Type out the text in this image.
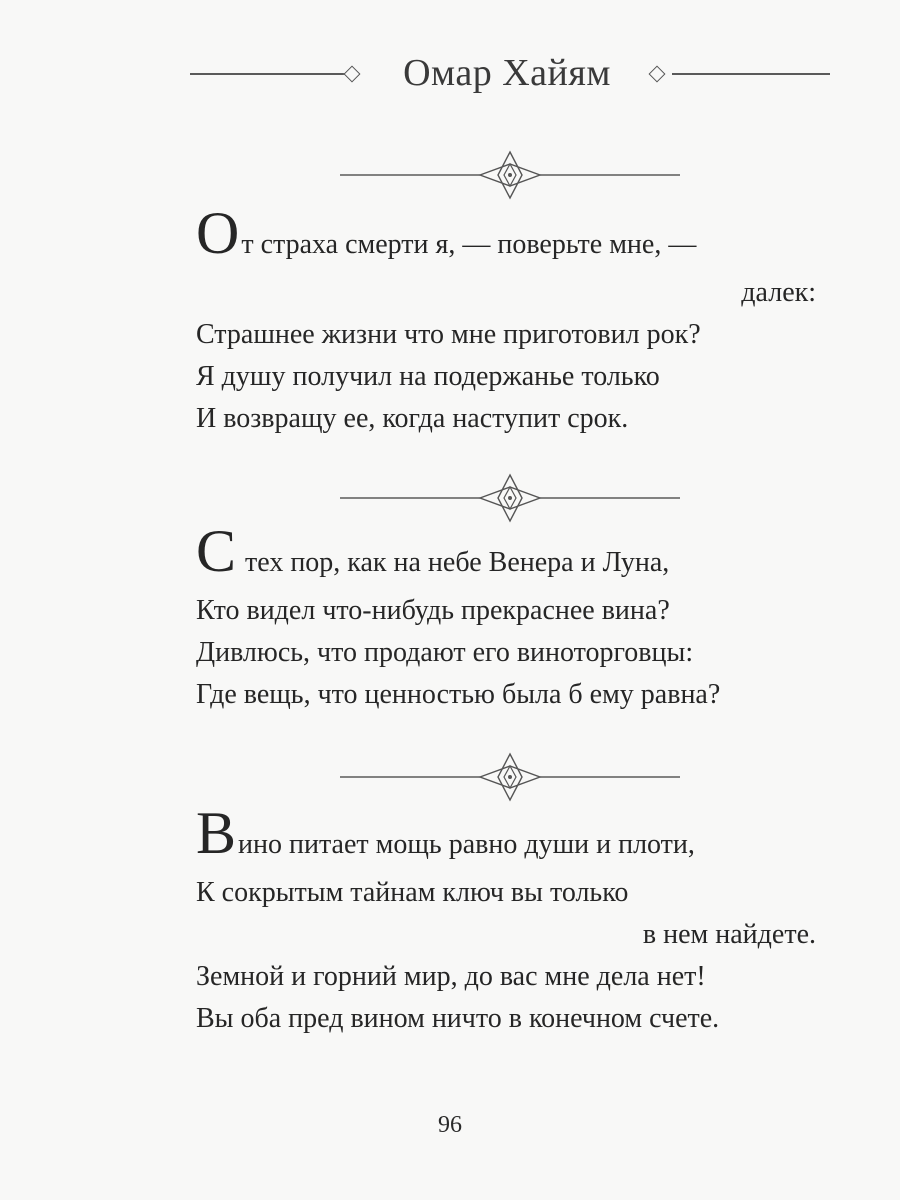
Омар Хайям
От страха смерти я, — поверьте мне, —
далек:
Страшнее жизни что мне приготовил рок?
Я душу получил на подержанье только
И возвращу ее, когда наступит срок.
С тех пор, как на небе Венера и Луна,
Кто видел что-нибудь прекраснее вина?
Дивлюсь, что продают его виноторговцы:
Где вещь, что ценностью была б ему равна?
Вино питает мощь равно души и плоти,
К сокрытым тайнам ключ вы только
в нем найдете.
Земной и горний мир, до вас мне дела нет!
Вы оба пред вином ничто в конечном счете.
96
